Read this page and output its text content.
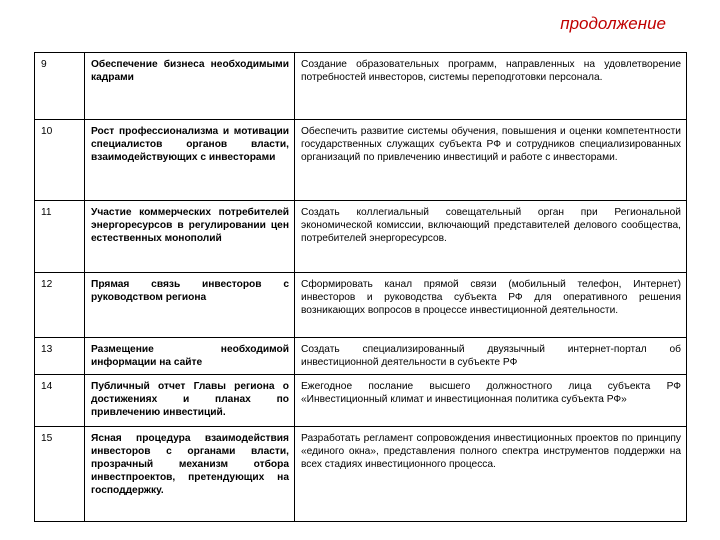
продолжение
9	Обеспечение бизнеса необходимыми кадрами	Создание образовательных программ, направленных на удовлетворение потребностей инвесторов, системы переподготовки персонала.
10	Рост профессионализма и мотивации специалистов органов власти, взаимодействующих с инвесторами	Обеспечить развитие системы обучения, повышения и оценки компетентности государственных служащих субъекта РФ и сотрудников специализированных организаций по привлечению инвестиций и работе с инвесторами.
11	Участие коммерческих потребителей энергоресурсов в регулировании цен естественных монополий	Создать коллегиальный совещательный орган при Региональной экономической комиссии, включающий представителей делового сообщества, потребителей энергоресурсов.
12	Прямая связь инвесторов с руководством региона	Сформировать канал прямой связи (мобильный телефон, Интернет) инвесторов и руководства субъекта РФ для оперативного решения возникающих вопросов в процессе инвестиционной деятельности.
13	Размещение необходимой информации на сайте	Создать специализированный двуязычный интернет-портал об инвестиционной деятельности в субъекте РФ
14	Публичный отчет Главы региона о достижениях и планах по привлечению инвестиций.	Ежегодное послание высшего должностного лица субъекта РФ «Инвестиционный климат и инвестиционная политика субъекта РФ»
15	Ясная процедура взаимодействия инвесторов с органами власти, прозрачный механизм отбора инвестпроектов, претендующих на господдержку.	Разработать регламент сопровождения инвестиционных проектов по принципу «единого окна», представления полного спектра инструментов поддержки на всех стадиях инвестиционного процесса.
